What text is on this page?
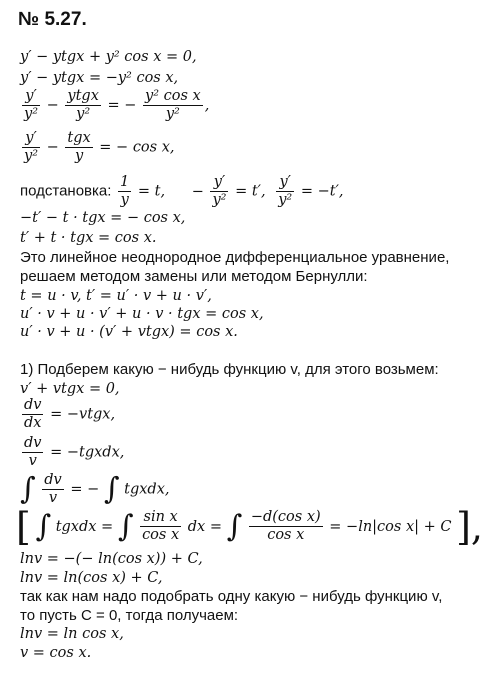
№ 5.27.
y′ − ytgx + y² cos x = 0,
y′ − ytgx = −y² cos x,
$\frac{y'}{\text{y²}} - \frac{\text{ytgx}}{\text{y²}}$ = − $\frac{\text{y² cos x}}{\text{y²}}$ ,
$\frac{y'}{\text{y²}} - \frac{\text{tgx}}{y}$ = − cos x,
подстановка: $\frac{1}{y} = t$, − $\frac{y'}{\text{y²}} = t'$, $\frac{y'}{\text{y²}} = -t'$,
−t′ − t · tgx = − cos x,
t′ + t · tgx = cos x.
Это линейное неоднородное дифференциальное уравнение,
решаем методом замены или методом Бернулли:
t = u · v, t′ = u′ · v + u · v′,
u′ · v + u · v′ + u · v · tgx = cos x,
u′ · v + u · (v′ + vtgx) = cos x.
1) Подберем какую − нибудь функцию v, для этого возьмем:
v′ + vtgx = 0,
$\frac{dv}{dx}$ = −vtgx,
$\frac{dv}{v}$ = −tgxdx,
∫ $\frac{dv}{v}$ = − ∫ tgxdx,
[ ∫ tgxdx = ∫ $\frac{\text{sin x}}{\text{cos x}}$ dx = ∫ $\frac{\text{−d(cos x)}}{\text{cos x}} = -\ln|\cos$ x| + C ],
lnv = −(− ln(cos x)) + C,
lnv = ln(cos x) + C,
так как нам надо подобрать одну какую − нибудь функцию v,
то пусть C = 0, тогда получаем:
lnv = ln cos x,
v = cos x.
